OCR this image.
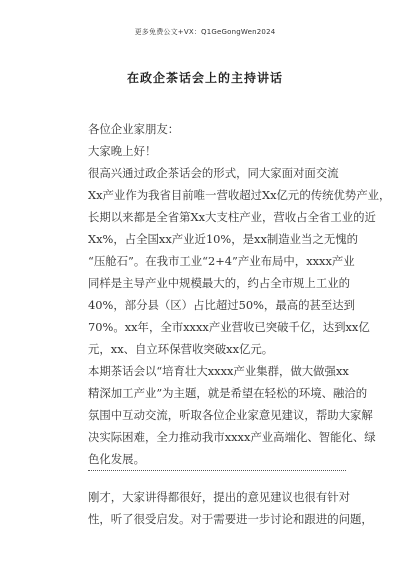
更多免费公文+VX：Q1GeGongWen2024
在政企茶话会上的主持讲话
各位企业家朋友：
大家晚上好！
很高兴通过政企茶话会的形式，同大家面对面交流
Xx产业作为我省目前唯一营收超过Xx亿元的传统优势产业，
长期以来都是全省第Xx大支柱产业，营收占全省工业的近
Xx%，占全国xx产业近10%，是xx制造业当之无愧的
“压舱石”。在我市工业“2+4”产业布局中，xxxx产业
同样是主导产业中规模最大的，约占全市规上工业的
40%，部分县（区）占比超过50%，最高的甚至达到
70%。xx年，全市xxxx产业营收已突破千亿，达到xx亿
元，xx、自立环保营收突破xx亿元。
本期茶话会以“培育壮大xxxx产业集群，做大做强xx
精深加工产业”为主题，就是希望在轻松的环境、融洽的
氛围中互动交流，听取各位企业家意见建议，帮助大家解
决实际困难，全力推动我市xxxx产业高端化、智能化、绿
色化发展。
刚才，大家讲得都很好，提出的意见建议也很有针对
性，听了很受启发。对于需要进一步讨论和跟进的问题，
